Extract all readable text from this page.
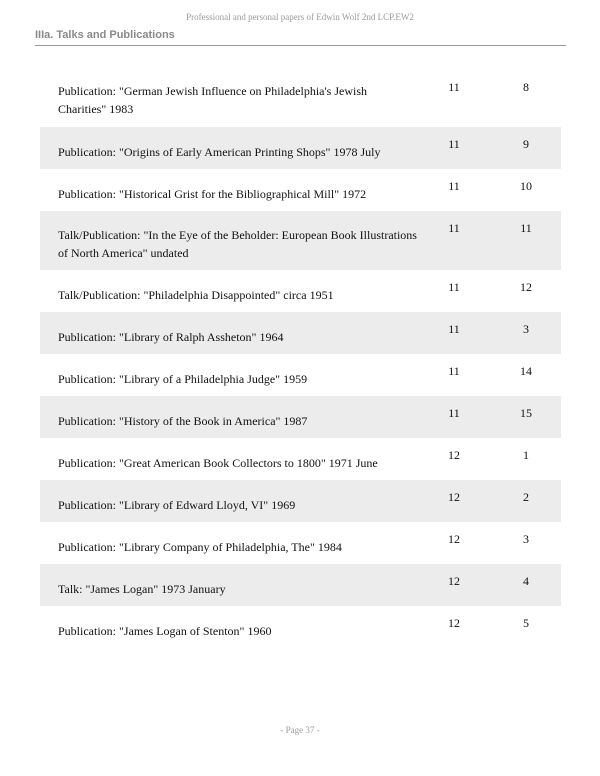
Professional and personal papers of Edwin Wolf 2nd LCP.EW2
IIIa. Talks and Publications
Publication: "German Jewish Influence on Philadelphia's Jewish Charities" 1983
11	8
Publication: "Origins of Early American Printing Shops" 1978 July
11	9
Publication: "Historical Grist for the Bibliographical Mill" 1972
11	10
Talk/Publication: "In the Eye of the Beholder: European Book Illustrations of North America" undated
11	11
Talk/Publication: "Philadelphia Disappointed" circa 1951
11	12
Publication: "Library of Ralph Assheton" 1964
11	3
Publication: "Library of a Philadelphia Judge" 1959
11	14
Publication: "History of the Book in America" 1987
11	15
Publication: "Great American Book Collectors to 1800" 1971 June
12	1
Publication: "Library of Edward Lloyd, VI" 1969
12	2
Publication: "Library Company of Philadelphia, The" 1984
12	3
Talk: "James Logan" 1973 January
12	4
Publication: "James Logan of Stenton" 1960
12	5
- Page 37 -
